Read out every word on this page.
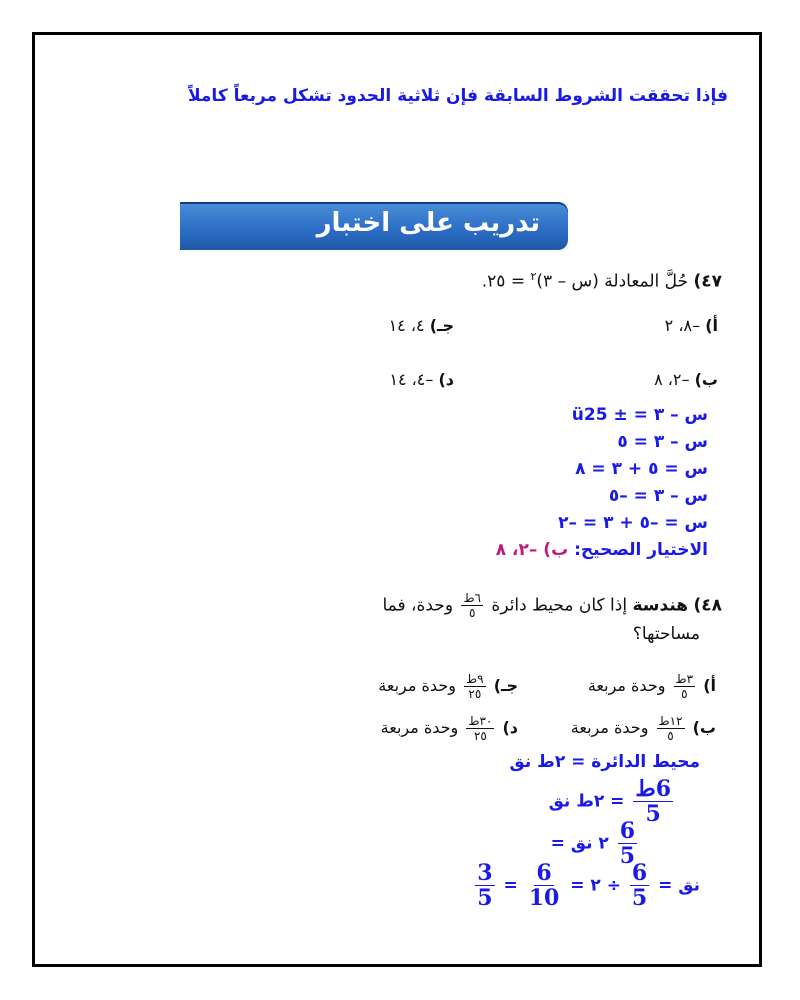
فإذا تحققت الشروط السابقة فإن ثلاثية الحدود تشكل مربعاً كاملاً
تدريب على اختبار
٤٧) حُلَّ المعادلة (س – ٣)$^٢$ = ٢٥.
أ) –٨، ٢
جـ) ٤، ١٤
ب) –٢، ٨
د) –٤، ١٤
س – ٣ = ± ü25
س – ٣ = ٥
س = ٥ + ٣ = ٨
س – ٣ = –٥
س = –٥ + ٣ = –٢
الاختيار الصحيح: ب) –٢، ٨
٤٨) هندسة إذا كان محيط دائرة
$\frac{\text{٦ط}}{٥}$
وحدة، فما
مساحتها؟
أ)
$\frac{\text{٣ط}}{٥}$
وحدة مربعة
جـ)
$\frac{\text{٩ط}}{٢٥}$
وحدة مربعة
ب)
$\frac{\text{١٢ط}}{٥}$
وحدة مربعة
د)
$\frac{\text{٣٠ط}}{٢٥}$
وحدة مربعة
محيط الدائرة = ٢ط نق
$\frac{\text{6ط}}{5}$
= ٢ط نق
$\frac{6}{5}$
٢ نق =
نق =
$\frac{6}{5}$
÷ ٢ =
$\frac{6}{10}$
=
$\frac{3}{5}$
